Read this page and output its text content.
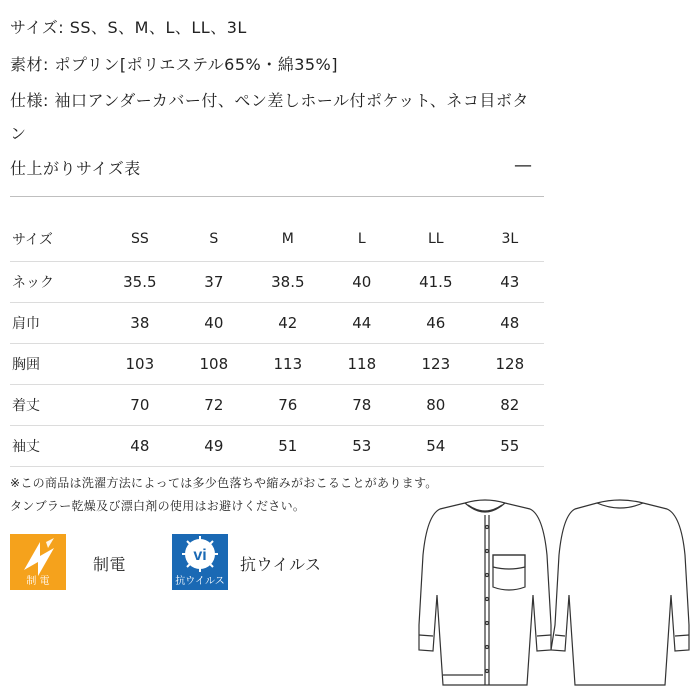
サイズ: SS、S、M、L、LL、3L
素材: ポプリン[ポリエステル65%・綿35%]
仕様: 袖口アンダーカバー付、ペン差しホール付ポケット、ネコ目ボタ
ン
仕上がりサイズ表	—
サイズ	SS	S	M	L	LL	3L
ネック	35.5	37	38.5	40	41.5	43
肩巾	38	40	42	44	46	48
胸囲	103	108	113	118	123	128
着丈	70	72	76	78	80	82
袖丈	48	49	51	53	54	55
※この商品は洗濯方法によっては多少色落ちや縮みがおこることがあります。
タンブラー乾燥及び漂白剤の使用はお避けください。
制 電
制電	vi
抗ウイルス
抗ウイルス
